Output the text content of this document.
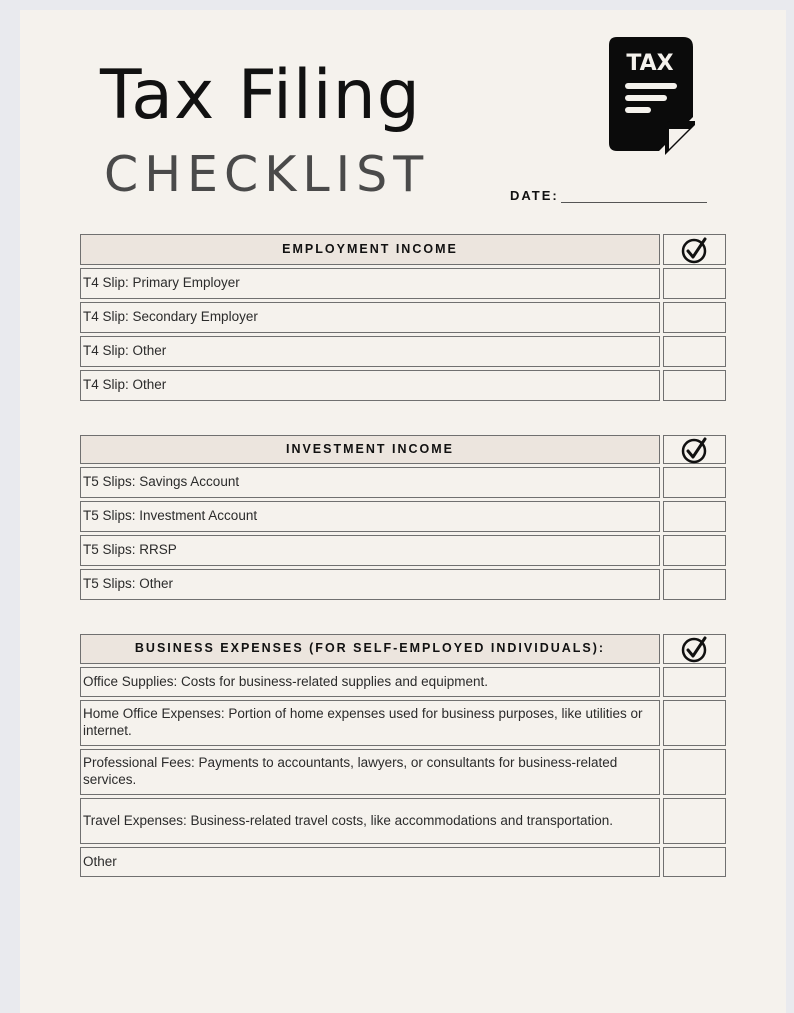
Tax Filing
CHECKLIST
TAX
DATE:
EMPLOYMENT INCOME
T4 Slip: Primary Employer
T4 Slip: Secondary Employer
T4 Slip: Other
T4 Slip: Other
INVESTMENT INCOME
T5 Slips: Savings Account
T5 Slips: Investment Account
T5 Slips: RRSP
T5 Slips: Other
BUSINESS EXPENSES (FOR SELF-EMPLOYED INDIVIDUALS):
Office Supplies: Costs for business-related supplies and equipment.
Home Office Expenses: Portion of home expenses used for business purposes, like utilities or internet.
Professional Fees: Payments to accountants, lawyers, or consultants for business-related services.
Travel Expenses: Business-related travel costs, like accommodations and transportation.
Other
